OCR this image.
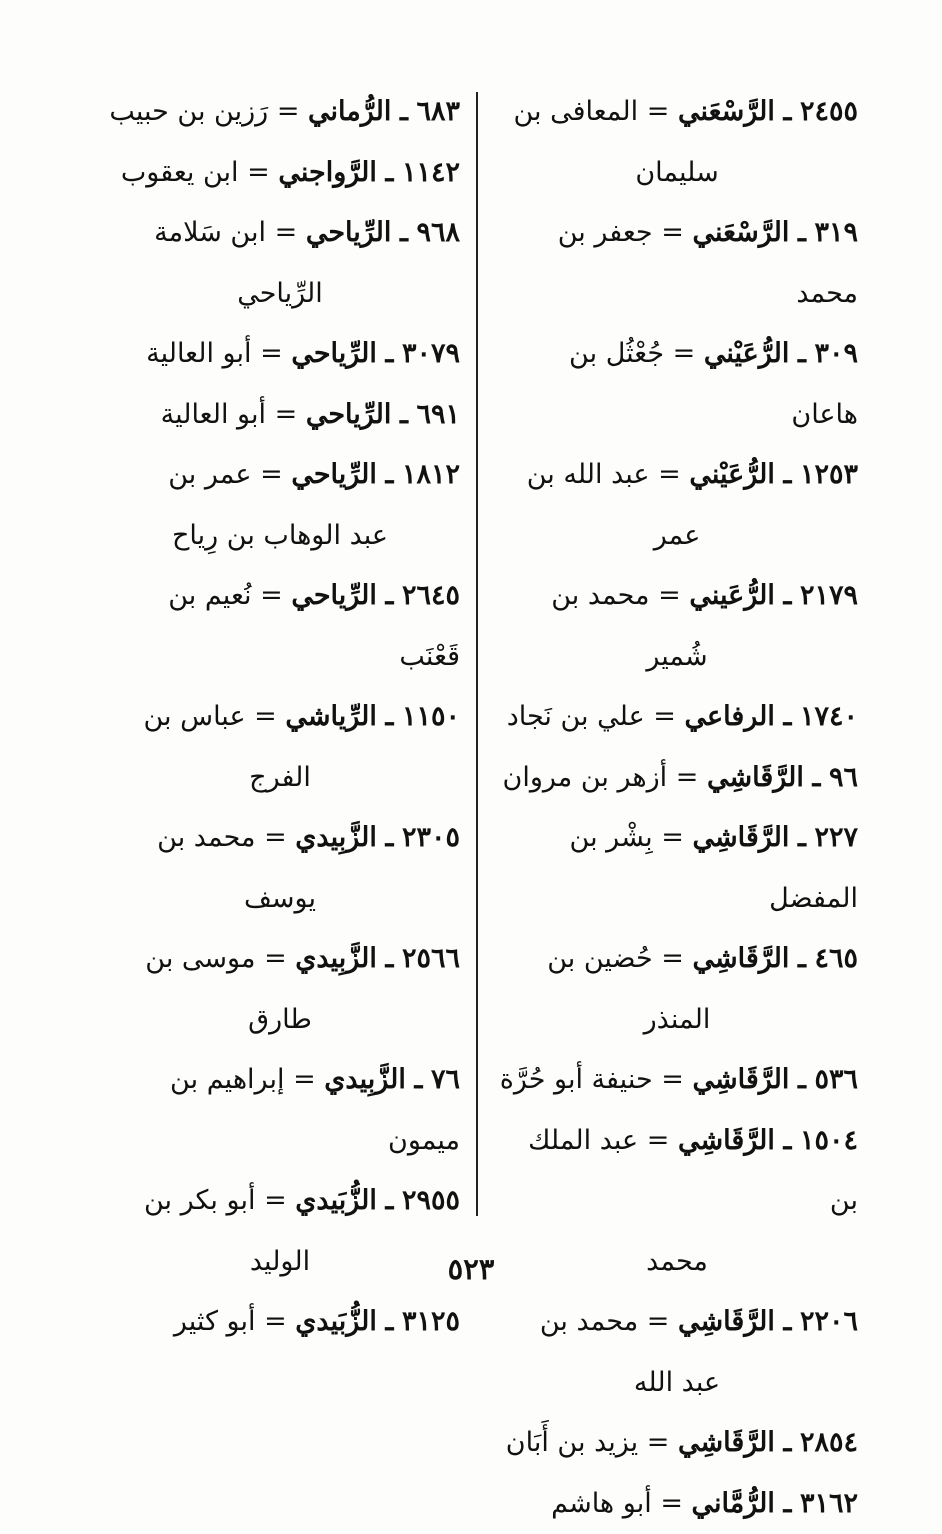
٢٤٥٥ ـ الرَّسْعَني = المعافى بن
سليمان

٣١٩ ـ الرَّسْعَني = جعفر بن محمد

٣٠٩ ـ الرُّعَيْني = جُعْثُل بن هاعان

١٢٥٣ ـ الرُّعَيْني = عبد الله بن
عمر

٢١٧٩ ـ الرُّعَيني = محمد بن
شُمير

١٧٤٠ ـ الرفاعي = علي بن نَجاد

٩٦ ـ الرَّقَاشِي = أزهر بن مروان

٢٢٧ ـ الرَّقَاشِي = بِشْر بن المفضل

٤٦٥ ـ الرَّقَاشِي = حُضين بن
المنذر

٥٣٦ ـ الرَّقَاشِي = حنيفة أبو حُرَّة

١٥٠٤ ـ الرَّقَاشِي = عبد الملك بن
محمد

٢٢٠٦ ـ الرَّقَاشِي = محمد بن
عبد الله

٢٨٥٤ ـ الرَّقَاشِي = يزيد بن أَبَان

٣١٦٢ ـ الرُّمَّاني = أبو هاشم

٦٨٣ ـ الرُّماني = رَزين بن حبيب

١١٤٢ ـ الرَّواجني = ابن يعقوب

٩٦٨ ـ الرِّياحي = ابن سَلامة
الرِّياحي

٣٠٧٩ ـ الرِّياحي = أبو العالية

٦٩١ ـ الرِّياحي = أبو العالية

١٨١٢ ـ الرِّياحي = عمر بن
عبد الوهاب بن رِياح

٢٦٤٥ ـ الرِّياحي = نُعيم بن قَعْنَب

١١٥٠ ـ الرِّياشي = عباس بن
الفرج

٢٣٠٥ ـ الزَّبِيدي = محمد بن
يوسف

٢٥٦٦ ـ الزَّبِيدي = موسى بن
طارق

٧٦ ـ الزَّبِيدي = إبراهيم بن ميمون

٢٩٥٥ ـ الزُّبَيدي = أبو بكر بن
الوليد

٣١٢٥ ـ الزُّبَيدي = أبو كثير

٥٢٣
